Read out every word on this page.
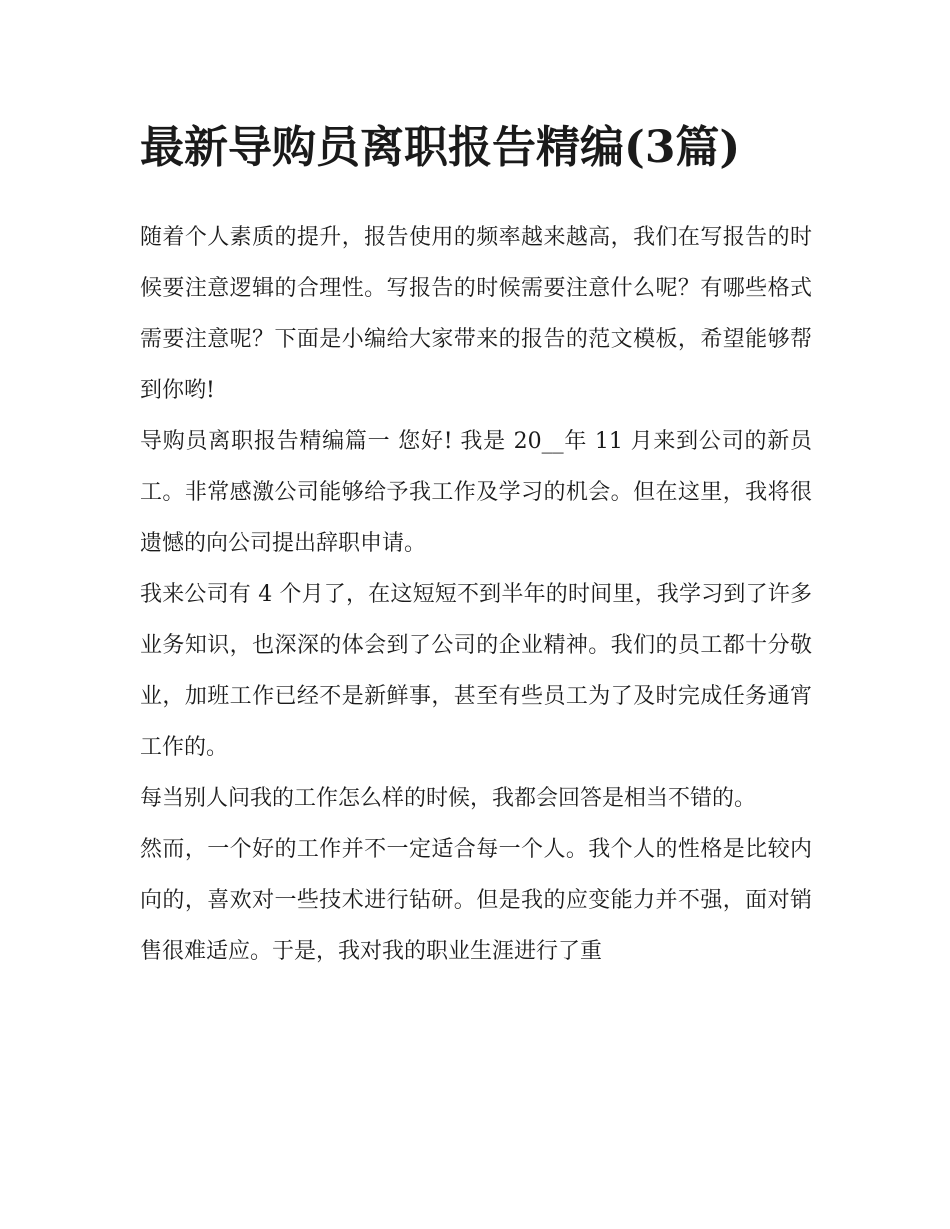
最新导购员离职报告精编(3篇)

随着个人素质的提升，报告使用的频率越来越高，我们在写报告的时候要注意逻辑的合理性。写报告的时候需要注意什么呢？有哪些格式需要注意呢？下面是小编给大家带来的报告的范文模板，希望能够帮到你哟!

导购员离职报告精编篇一 您好! 我是 20__年 11 月来到公司的新员工。非常感激公司能够给予我工作及学习的机会。但在这里，我将很遗憾的向公司提出辞职申请。

我来公司有 4 个月了，在这短短不到半年的时间里，我学习到了许多业务知识，也深深的体会到了公司的企业精神。我们的员工都十分敬业，加班工作已经不是新鲜事，甚至有些员工为了及时完成任务通宵工作的。

每当别人问我的工作怎么样的时候，我都会回答是相当不错的。

然而，一个好的工作并不一定适合每一个人。我个人的性格是比较内向的，喜欢对一些技术进行钻研。但是我的应变能力并不强，面对销售很难适应。于是，我对我的职业生涯进行了重
